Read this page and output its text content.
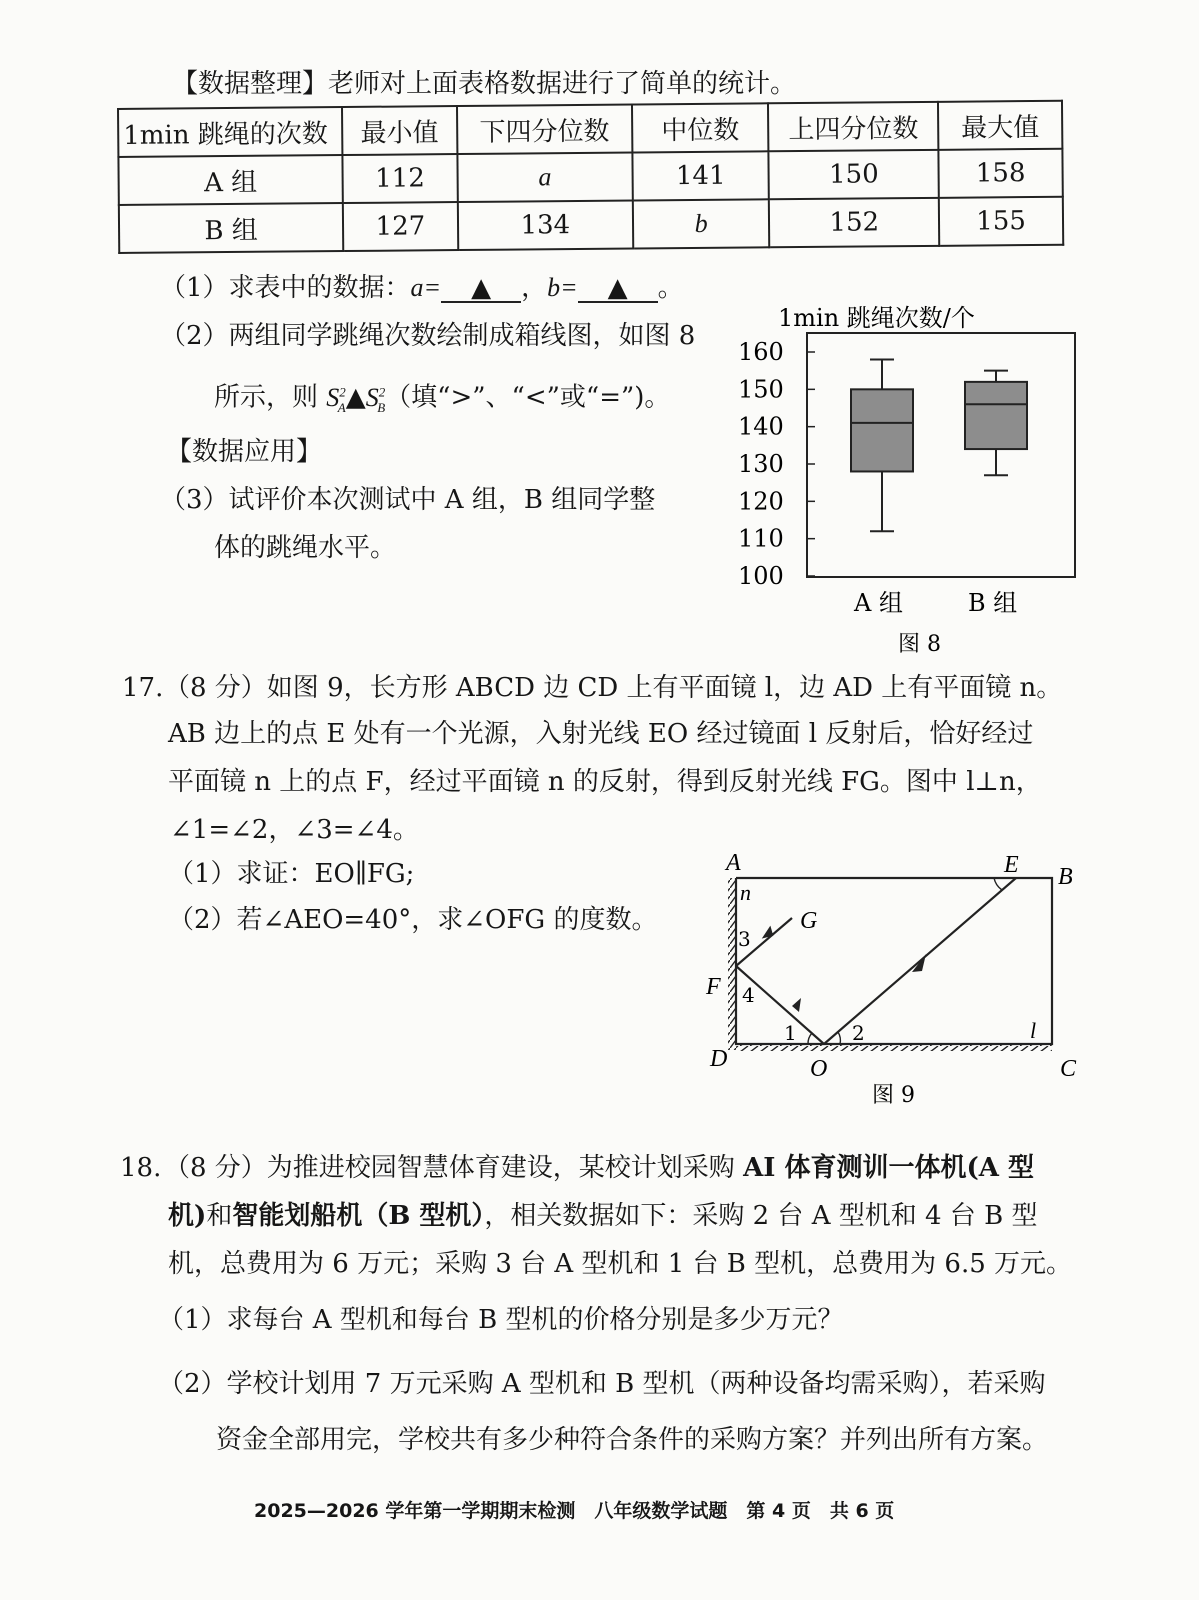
【数据整理】老师对上面表格数据进行了简单的统计。
1min 跳绳的次数	最小值	下四分位数	中位数	上四分位数	最大值
A 组	112	a	141	150	158
B 组	127	134	b	152	155
（1）求表中的数据：a= ▲ ，b= ▲ 。
（2）两组同学跳绳次数绘制成箱线图，如图 8
所示，则 $S^2_A▲S^2_B$（填“>”、“<”或“=”)。
【数据应用】
（3）试评价本次测试中 A 组，B 组同学整
体的跳绳水平。
1min 跳绳次数/个
160
150
140
130
120
110
100
A 组	B 组
图 8
17. （8 分）如图 9，长方形 ABCD 边 CD 上有平面镜 l，边 AD 上有平面镜 n。
AB 边上的点 E 处有一个光源，入射光线 EO 经过镜面 l 反射后，恰好经过
平面镜 n 上的点 F，经过平面镜 n 的反射，得到反射光线 FG。图中 l⊥n，
∠1=∠2，∠3=∠4。
（1）求证：EO∥FG;
（2）若∠AEO=40°，求∠OFG 的度数。
A
B
C
D
E
F
G
O
n
l
1	2
3
4
图 9
18. （8 分）为推进校园智慧体育建设，某校计划采购 AI 体育测训一体机(A 型
机)和智能划船机（B 型机），相关数据如下：采购 2 台 A 型机和 4 台 B 型
机，总费用为 6 万元；采购 3 台 A 型机和 1 台 B 型机，总费用为 6.5 万元。
（1）求每台 A 型机和每台 B 型机的价格分别是多少万元？
（2）学校计划用 7 万元采购 A 型机和 B 型机（两种设备均需采购），若采购
资金全部用完，学校共有多少种符合条件的采购方案？并列出所有方案。
2025—2026 学年第一学期期末检测　八年级数学试题　第 4 页　共 6 页
